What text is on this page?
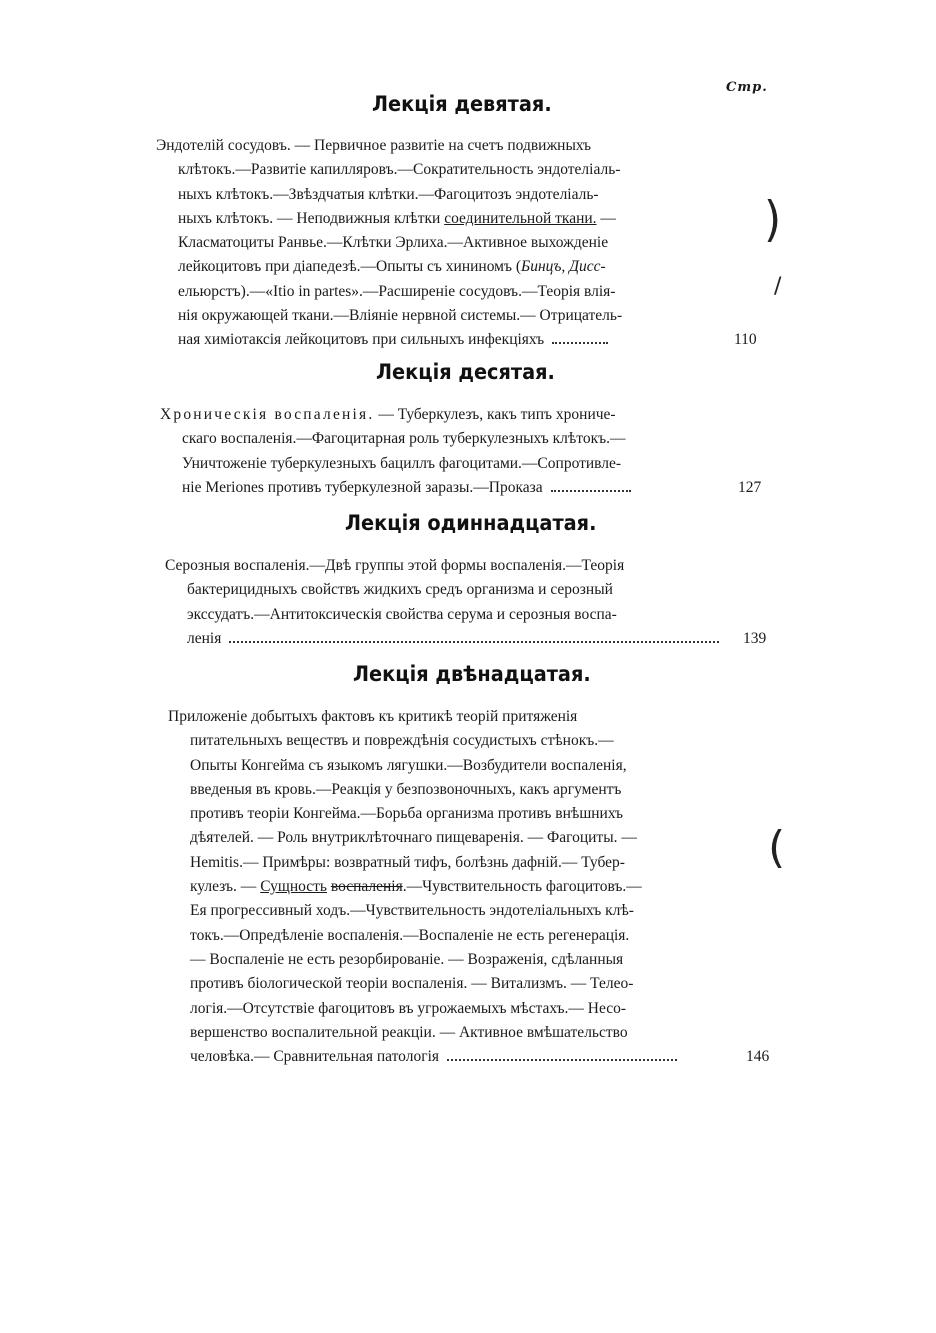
Стр.
Лекція девятая.
Эндотелій сосудовъ. — Первичное развитіе на счетъ подвижныхъ
клѣтокъ.—Развитіе капилляровъ.—Сократительность эндотеліаль-
ныхъ клѣтокъ.—Звѣздчатыя клѣтки.—Фагоцитозъ эндотеліаль-
ныхъ клѣтокъ. — Неподвижныя клѣтки соединительной ткани. —
Класматоциты Ранвье.—Клѣтки Эрлиха.—Активное выхожденіе
лейкоцитовъ при діапедезѣ.—Опыты съ хининомъ (Бинцъ, Дисс-
ельюрстъ).—«Itio in partes».—Расширеніе сосудовъ.—Теорія влія-
нія окружающей ткани.—Вліяніе нервной системы.— Отрицатель-
ная химіотаксія лейкоцитовъ при сильныхъ инфекціяхъ	110
Лекція десятая.
Хроническія воспаленія. — Туберкулезъ, какъ типъ хрониче-
скаго воспаленія.—Фагоцитарная роль туберкулезныхъ клѣтокъ.—
Уничтоженіе туберкулезныхъ бациллъ фагоцитами.—Сопротивле-
ніе Meriones противъ туберкулезной заразы.—Проказа	127
Лекція одиннадцатая.
Серозныя воспаленія.—Двѣ группы этой формы воспаленія.—Теорія
бактерицидныхъ свойствъ жидкихъ средъ организма и серозный
экссудатъ.—Антитоксическія свойства серума и серозныя воспа-
ленія	139
Лекція двѣнадцатая.
Приложеніе добытыхъ фактовъ къ критикѣ теорій притяженія
питательныхъ веществъ и повреждѣнія сосудистыхъ стѣнокъ.—
Опыты Конгейма съ языкомъ лягушки.—Возбудители воспаленія,
введеныя въ кровь.—Реакція у безпозвоночныхъ, какъ аргументъ
противъ теоріи Конгейма.—Борьба организма противъ внѣшнихъ
дѣятелей. — Роль внутриклѣточнаго пищеваренія. — Фагоциты. —
Hemitis.— Примѣры: возвратный тифъ, болѣзнь дафній.— Тубер-
кулезъ. — Сущность воспаленія.—Чувствительность фагоцитовъ.—
Ея прогрессивный ходъ.—Чувствительность эндотеліальныхъ клѣ-
токъ.—Опредѣленіе воспаленія.—Воспаленіе не есть регенерація.
— Воспаленіе не есть резорбированіе. — Возраженія, сдѣланныя
противъ біологической теоріи воспаленія. — Витализмъ. — Телео-
логія.—Отсутствіе фагоцитовъ въ угрожаемыхъ мѣстахъ.— Несо-
вершенство воспалительной реакціи. — Активное вмѣшательство
человѣка.— Сравнительная патологія	146
)
/
(
